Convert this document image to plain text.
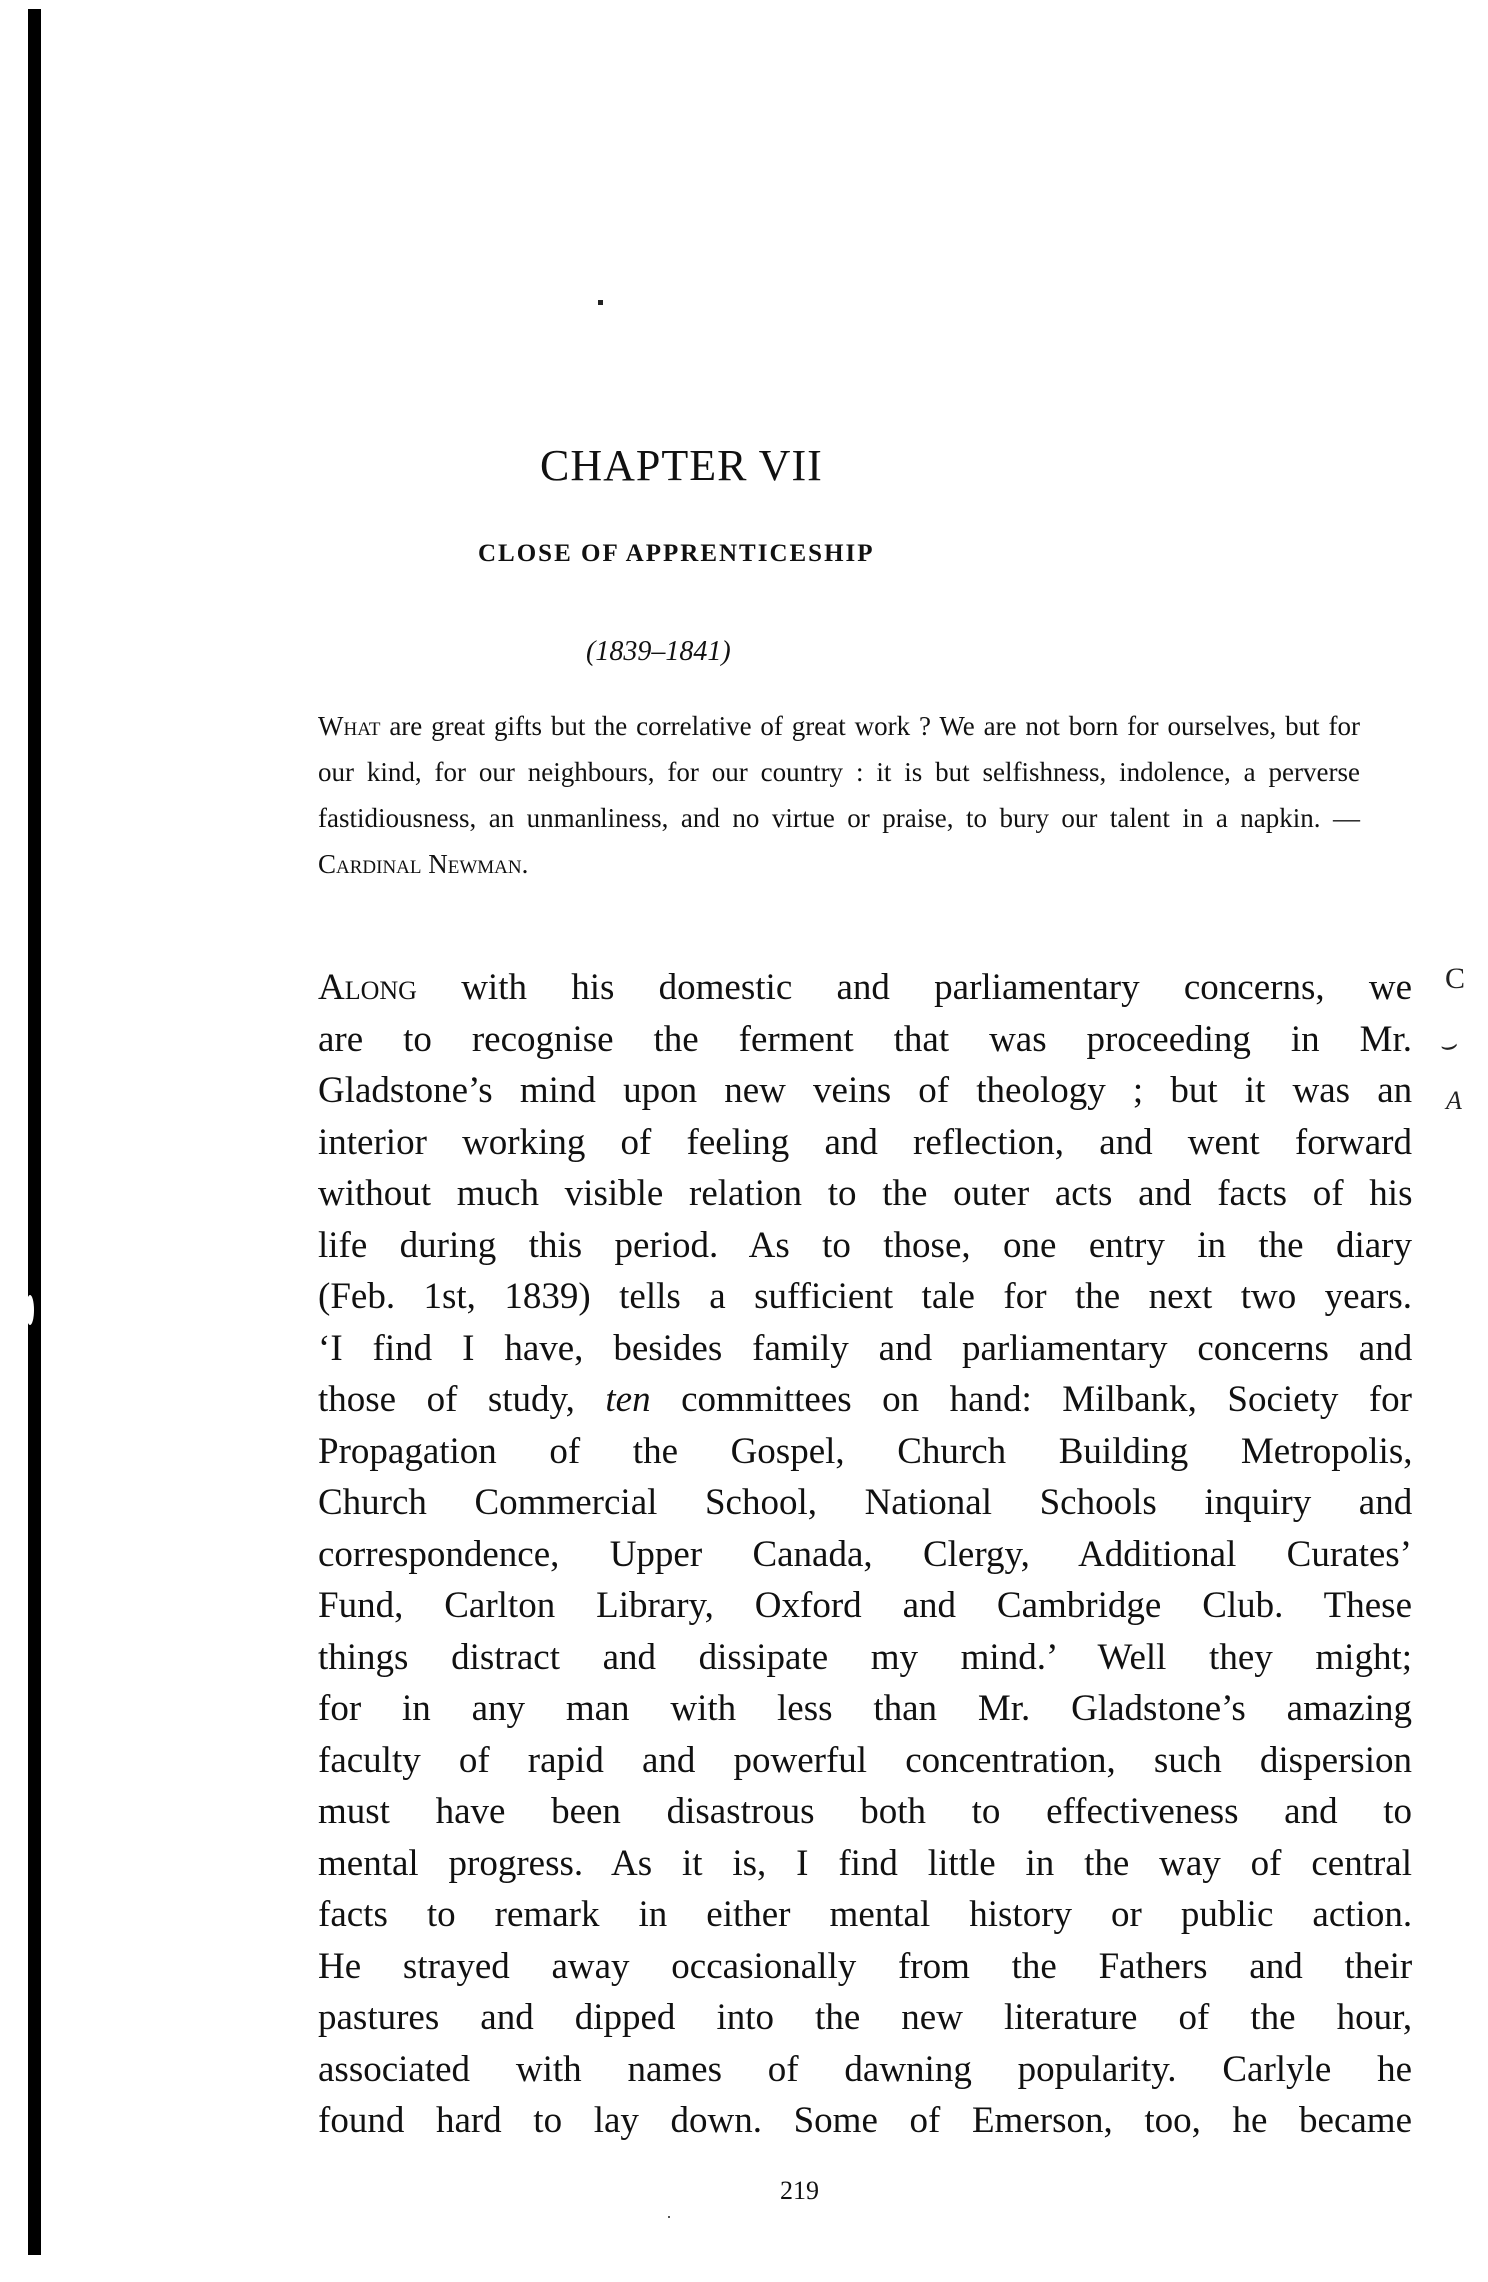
CHAPTER VII
CLOSE OF APPRENTICESHIP
(1839–1841)
What are great gifts but the correlative of great work ? We are not born for ourselves, but for our kind, for our neighbours, for our country : it is but selfishness, indolence, a perverse fastidiousness, an unmanliness, and no virtue or praise, to bury our talent in a napkin. — Cardinal Newman.
Along with his domestic and parliamentary concerns, we
are to recognise the ferment that was proceeding in Mr.
Gladstone’s mind upon new veins of theology ; but it was an
interior working of feeling and reflection, and went forward
without much visible relation to the outer acts and facts of his
life during this period. As to those, one entry in the diary
(Feb. 1st, 1839) tells a sufficient tale for the next two years.
‘I find I have, besides family and parliamentary concerns and
those of study, ten committees on hand: Milbank, Society for
Propagation of the Gospel, Church Building Metropolis,
Church Commercial School, National Schools inquiry and
correspondence, Upper Canada, Clergy, Additional Curates’
Fund, Carlton Library, Oxford and Cambridge Club. These
things distract and dissipate my mind.’ Well they might;
for in any man with less than Mr. Gladstone’s amazing
faculty of rapid and powerful concentration, such dispersion
must have been disastrous both to effectiveness and to
mental progress. As it is, I find little in the way of central
facts to remark in either mental history or public action.
He strayed away occasionally from the Fathers and their
pastures and dipped into the new literature of the hour,
associated with names of dawning popularity. Carlyle he
found hard to lay down. Some of Emerson, too, he became
C
⌣
A
219
